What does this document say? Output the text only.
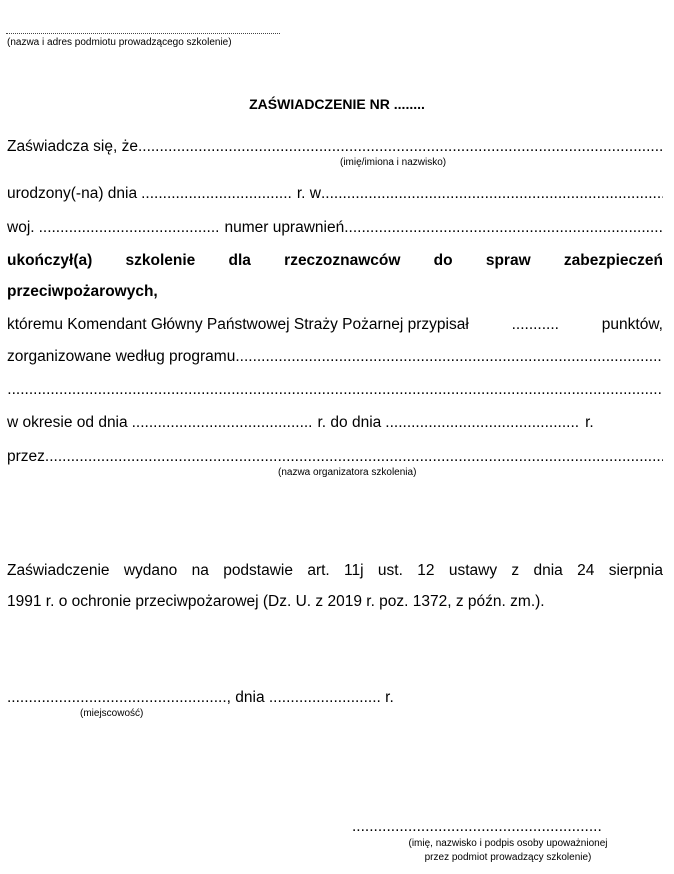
(nazwa i adres podmiotu prowadzącego szkolenie)
ZAŚWIADCZENIE NR ........
Zaświadcza się, że
.....
(imię/imiona i nazwisko)
urodzony(-na) dnia ................................... r. w
.....
woj. .......................................... numer uprawnień
.....
ukończył(a) szkolenie dla rzeczoznawców do spraw zabezpieczeń
przeciwpożarowych,
któremu Komendant Główny Państwowej Straży Pożarnej przypisał	...........	punktów,
zorganizowane według programu
.....
.....
w okresie od dnia .......................................... r. do dnia ............................................. r.
przez
.....
(nazwa organizatora szkolenia)
Zaświadczenie wydano na podstawie art. 11j ust. 12 ustawy z dnia 24 sierpnia
1991 r. o ochronie przeciwpożarowej (Dz. U. z 2019 r. poz. 1372, z późn. zm.).
..................................................., dnia .......................... r.
(miejscowość)
..........................................................
(imię, nazwisko i podpis osoby upoważnionej
przez podmiot prowadzący szkolenie)
